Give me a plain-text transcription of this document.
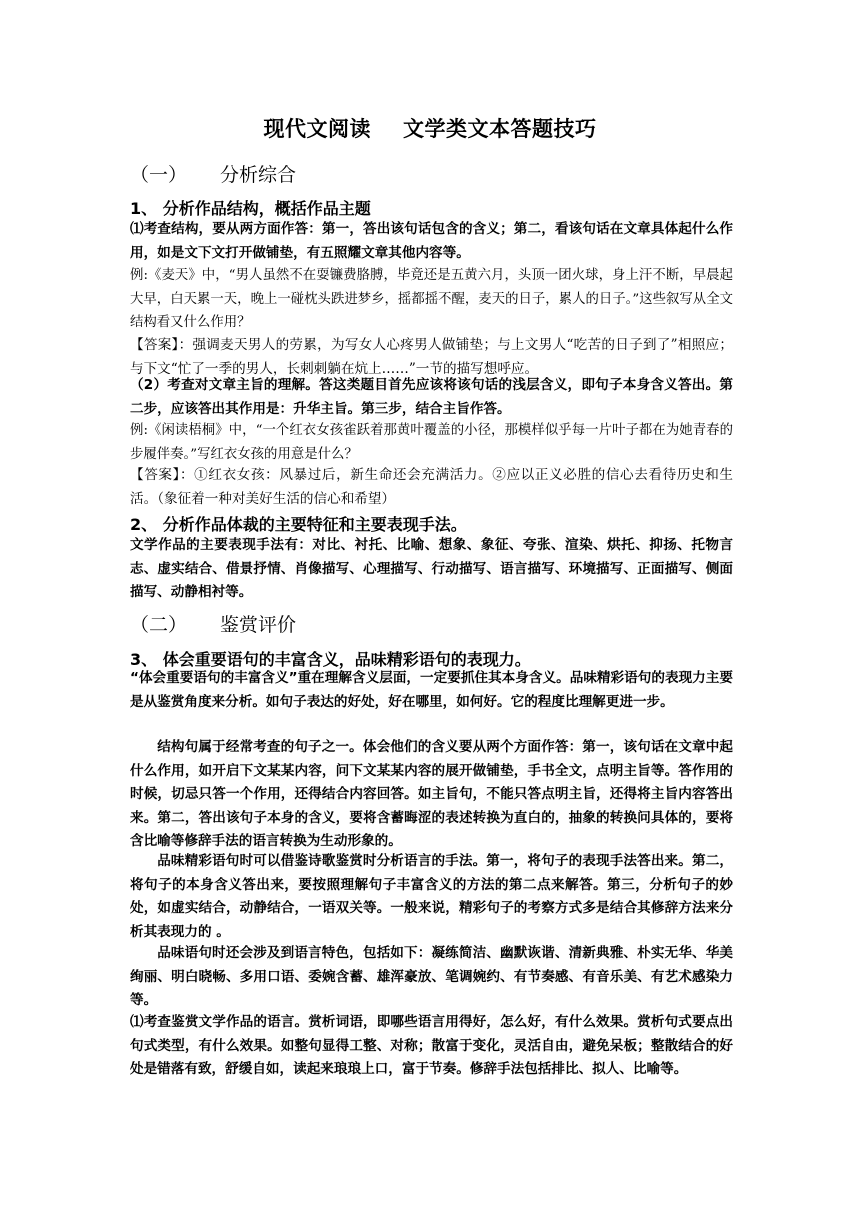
现代文阅读 文学类文本答题技巧
（一） 分析综合
1、 分析作品结构，概括作品主题
⑴考查结构，要从两方面作答：第一，答出该句话包含的含义；第二，看该句话在文章具体起什么作用，如是文下文打开做铺垫，有五照耀文章其他内容等。
例:《麦天》中，“男人虽然不在耍镰费胳膊，毕竟还是五黄六月，头顶一团火球，身上汗不断，早晨起大早，白天累一天，晚上一碰枕头跌进梦乡，摇都摇不醒，麦天的日子，累人的日子。”这些叙写从全文结构看又什么作用？
【答案】：强调麦天男人的劳累，为写女人心疼男人做铺垫；与上文男人“吃苦的日子到了”相照应；与下文“忙了一季的男人，长刺刺躺在炕上……”一节的描写想呼应。
（2）考查对文章主旨的理解。答这类题目首先应该将该句话的浅层含义，即句子本身含义答出。第二步，应该答出其作用是：升华主旨。第三步，结合主旨作答。
例:《闲读梧桐》中，“一个红衣女孩雀跃着那黄叶覆盖的小径，那模样似乎每一片叶子都在为她青春的步履伴奏。”写红衣女孩的用意是什么？
【答案】：①红衣女孩：风暴过后，新生命还会充满活力。②应以正义必胜的信心去看待历史和生活。（象征着一种对美好生活的信心和希望）
2、 分析作品体裁的主要特征和主要表现手法。
文学作品的主要表现手法有：对比、衬托、比喻、想象、象征、夸张、渲染、烘托、抑扬、托物言志、虚实结合、借景抒情、肖像描写、心理描写、行动描写、语言描写、环境描写、正面描写、侧面描写、动静相衬等。
（二） 鉴赏评价
3、 体会重要语句的丰富含义，品味精彩语句的表现力。
“体会重要语句的丰富含义”重在理解含义层面，一定要抓住其本身含义。品味精彩语句的表现力主要是从鉴赏角度来分析。如句子表达的好处，好在哪里，如何好。它的程度比理解更进一步。
结构句属于经常考查的句子之一。体会他们的含义要从两个方面作答：第一，该句话在文章中起什么作用，如开启下文某某内容，问下文某某内容的展开做铺垫，手书全文，点明主旨等。答作用的时候，切忌只答一个作用，还得结合内容回答。如主旨句，不能只答点明主旨，还得将主旨内容答出来。第二，答出该句子本身的含义，要将含蓄晦涩的表述转换为直白的，抽象的转换问具体的，要将含比喻等修辞手法的语言转换为生动形象的。
品味精彩语句时可以借鉴诗歌鉴赏时分析语言的手法。第一，将句子的表现手法答出来。第二，将句子的本身含义答出来，要按照理解句子丰富含义的方法的第二点来解答。第三，分析句子的妙处，如虚实结合，动静结合，一语双关等。一般来说，精彩句子的考察方式多是结合其修辞方法来分析其表现力的 。
品味语句时还会涉及到语言特色，包括如下：凝练简洁、幽默诙谐、清新典雅、朴实无华、华美绚丽、明白晓畅、多用口语、委婉含蓄、雄浑豪放、笔调婉约、有节奏感、有音乐美、有艺术感染力等。
⑴考查鉴赏文学作品的语言。赏析词语，即哪些语言用得好，怎么好，有什么效果。赏析句式要点出句式类型，有什么效果。如整句显得工整、对称；散富于变化，灵活自由，避免呆板；整散结合的好处是错落有致，舒缓自如，读起来琅琅上口，富于节奏。修辞手法包括排比、拟人、比喻等。
